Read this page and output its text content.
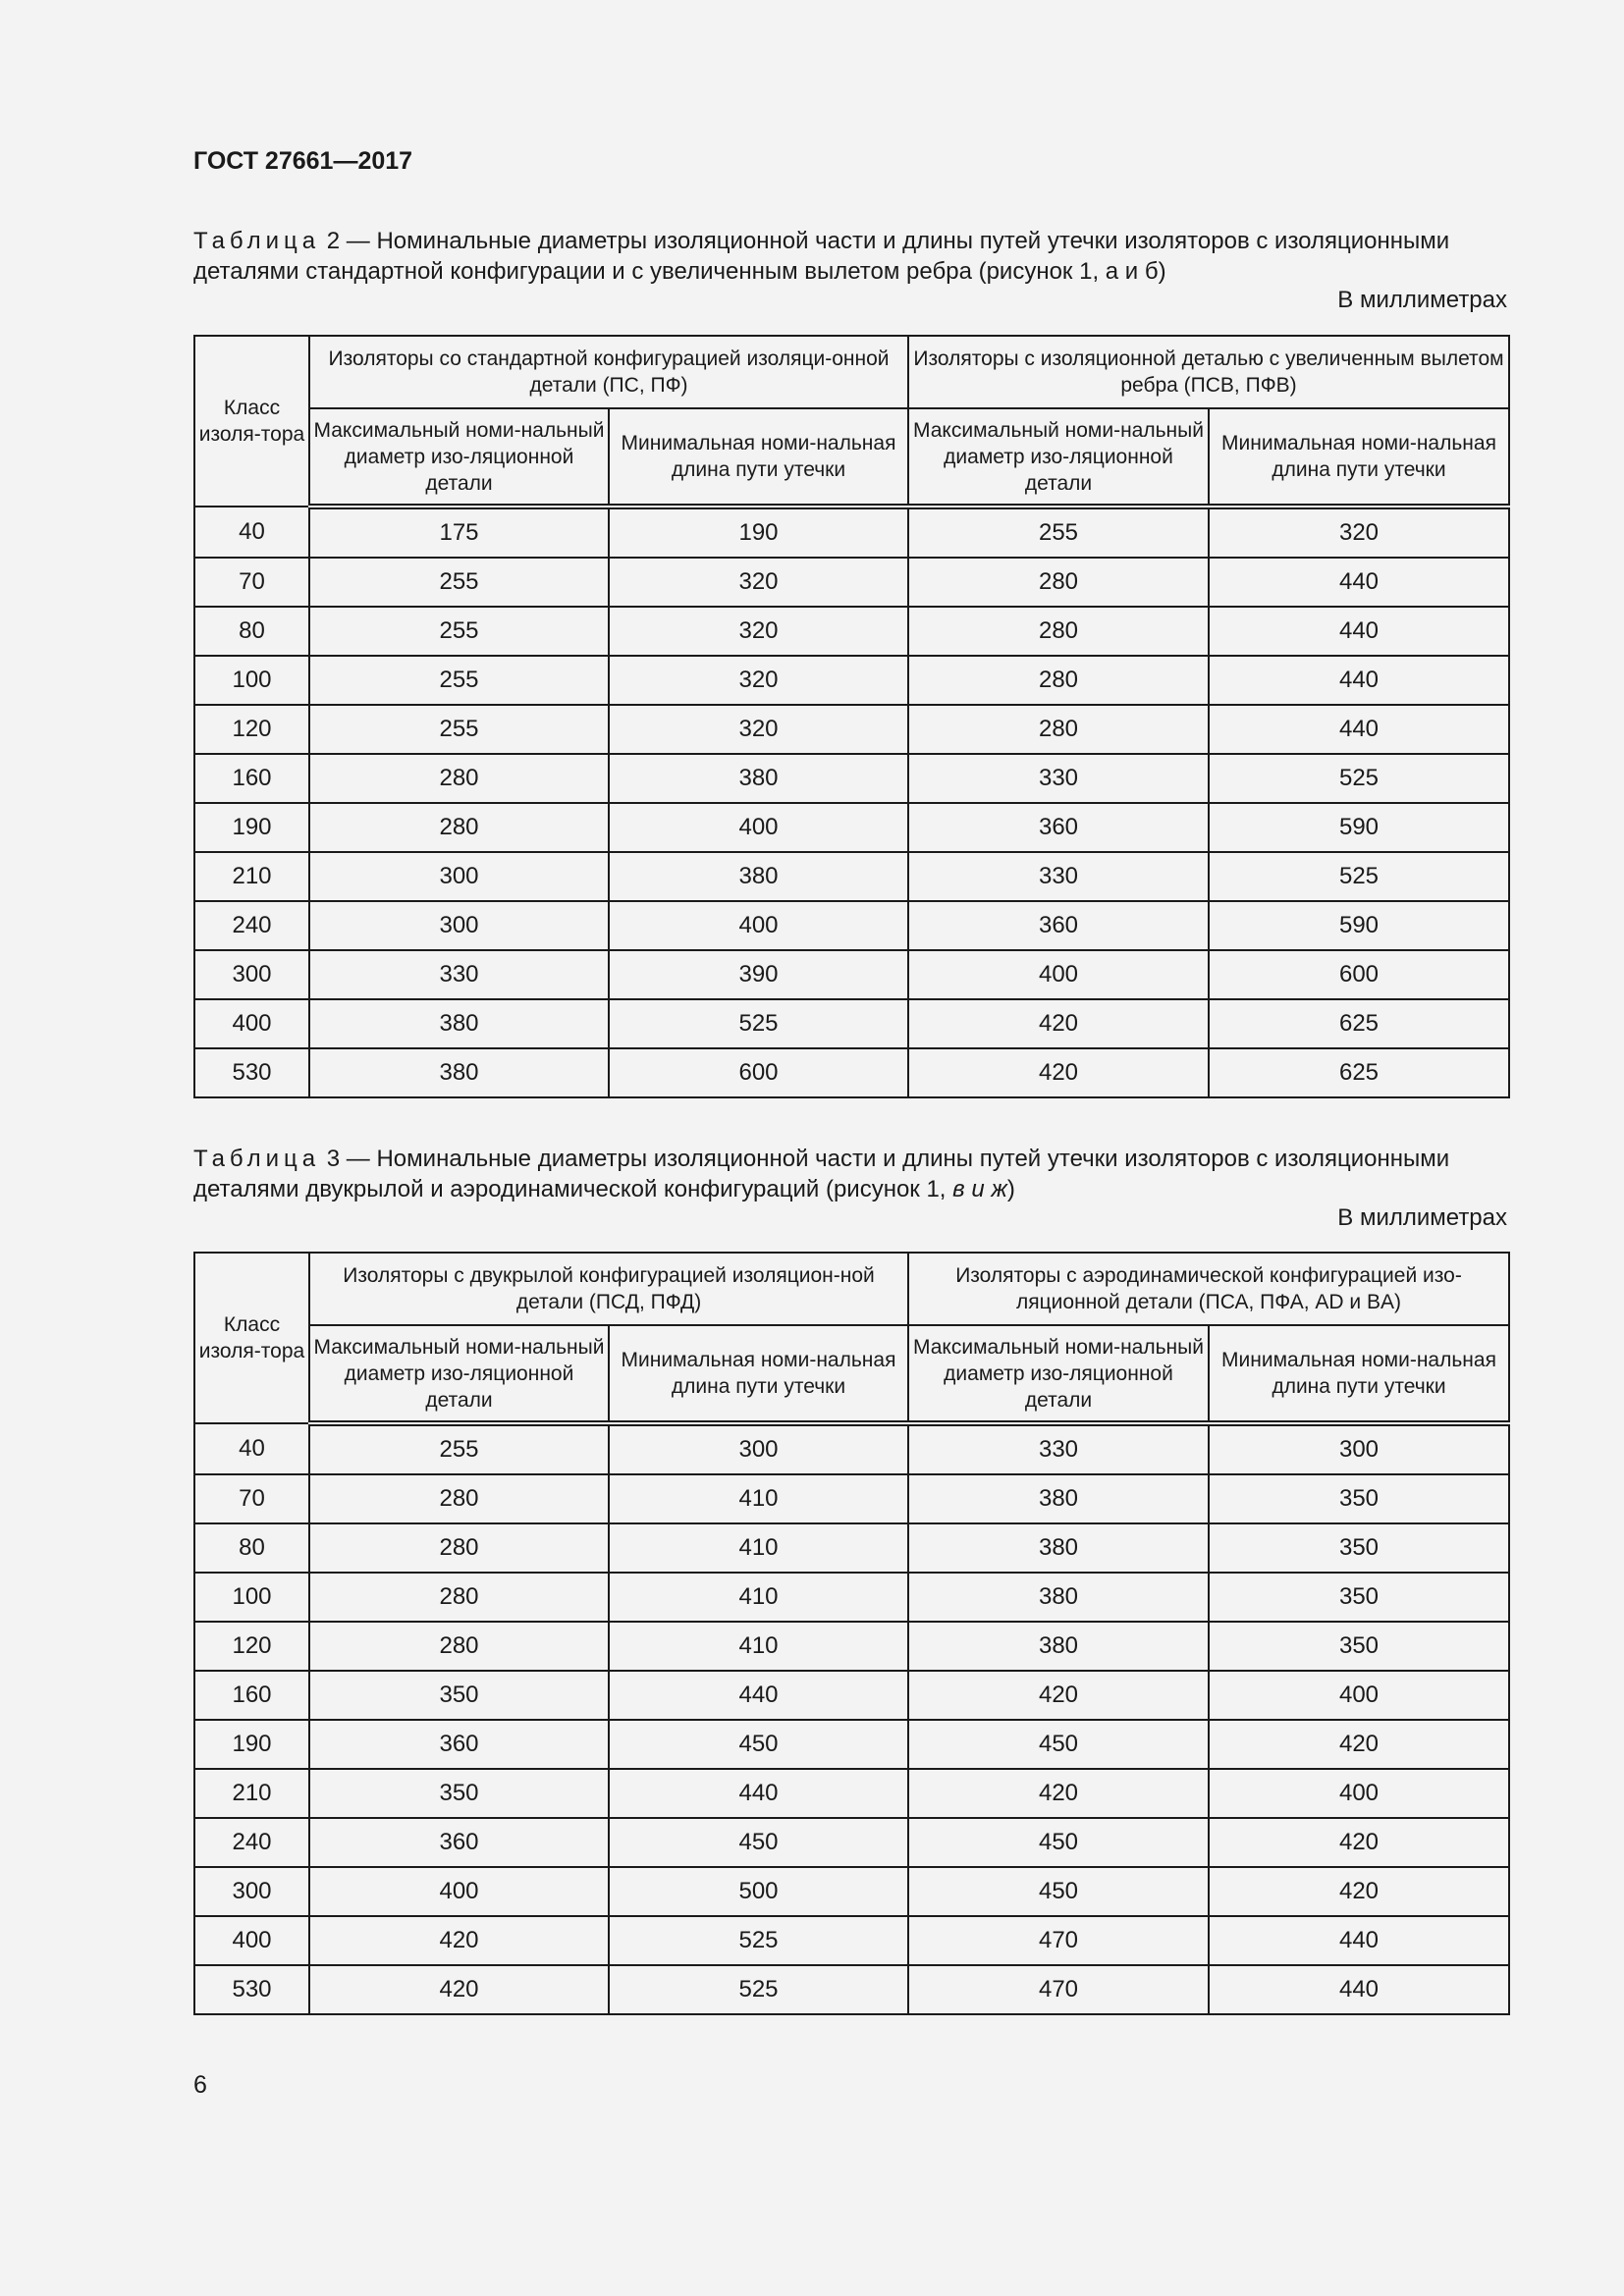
ГОСТ 27661—2017

Таблица 2 — Номинальные диаметры изоляционной части и длины путей утечки изоляторов с изоляционными деталями стандартной конфигурации и с увеличенным вылетом ребра (рисунок 1, а и б)

В миллиметрах

Класс изоля-тора	Изоляторы со стандартной конфигурацией изоляци-онной детали (ПС, ПФ)		Изоляторы с изоляционной деталью с увеличенным вылетом ребра (ПСВ, ПФВ)	
	Максимальный номи-нальный диаметр изо-ляционной детали	Минимальная номи-нальная длина пути утечки	Максимальный номи-нальный диаметр изо-ляционной детали	Минимальная номи-нальная длина пути утечки
40	175	190	255	320
70	255	320	280	440
80	255	320	280	440
100	255	320	280	440
120	255	320	280	440
160	280	380	330	525
190	280	400	360	590
210	300	380	330	525
240	300	400	360	590
300	330	390	400	600
400	380	525	420	625
530	380	600	420	625

Таблица 3 — Номинальные диаметры изоляционной части и длины путей утечки изоляторов с изоляционными деталями двукрылой и аэродинамической конфигураций (рисунок 1, в и ж)

В миллиметрах

Класс изоля-тора	Изоляторы с двукрылой конфигурацией изоляцион-ной детали (ПСД, ПФД)		Изоляторы с аэродинамической конфигурацией изо-ляционной детали (ПСА, ПФА, AD и BA)	
	Максимальный номи-нальный диаметр изо-ляционной детали	Минимальная номи-нальная длина пути утечки	Максимальный номи-нальный диаметр изо-ляционной детали	Минимальная номи-нальная длина пути утечки
40	255	300	330	300
70	280	410	380	350
80	280	410	380	350
100	280	410	380	350
120	280	410	380	350
160	350	440	420	400
190	360	450	450	420
210	350	440	420	400
240	360	450	450	420
300	400	500	450	420
400	420	525	470	440
530	420	525	470	440

6
